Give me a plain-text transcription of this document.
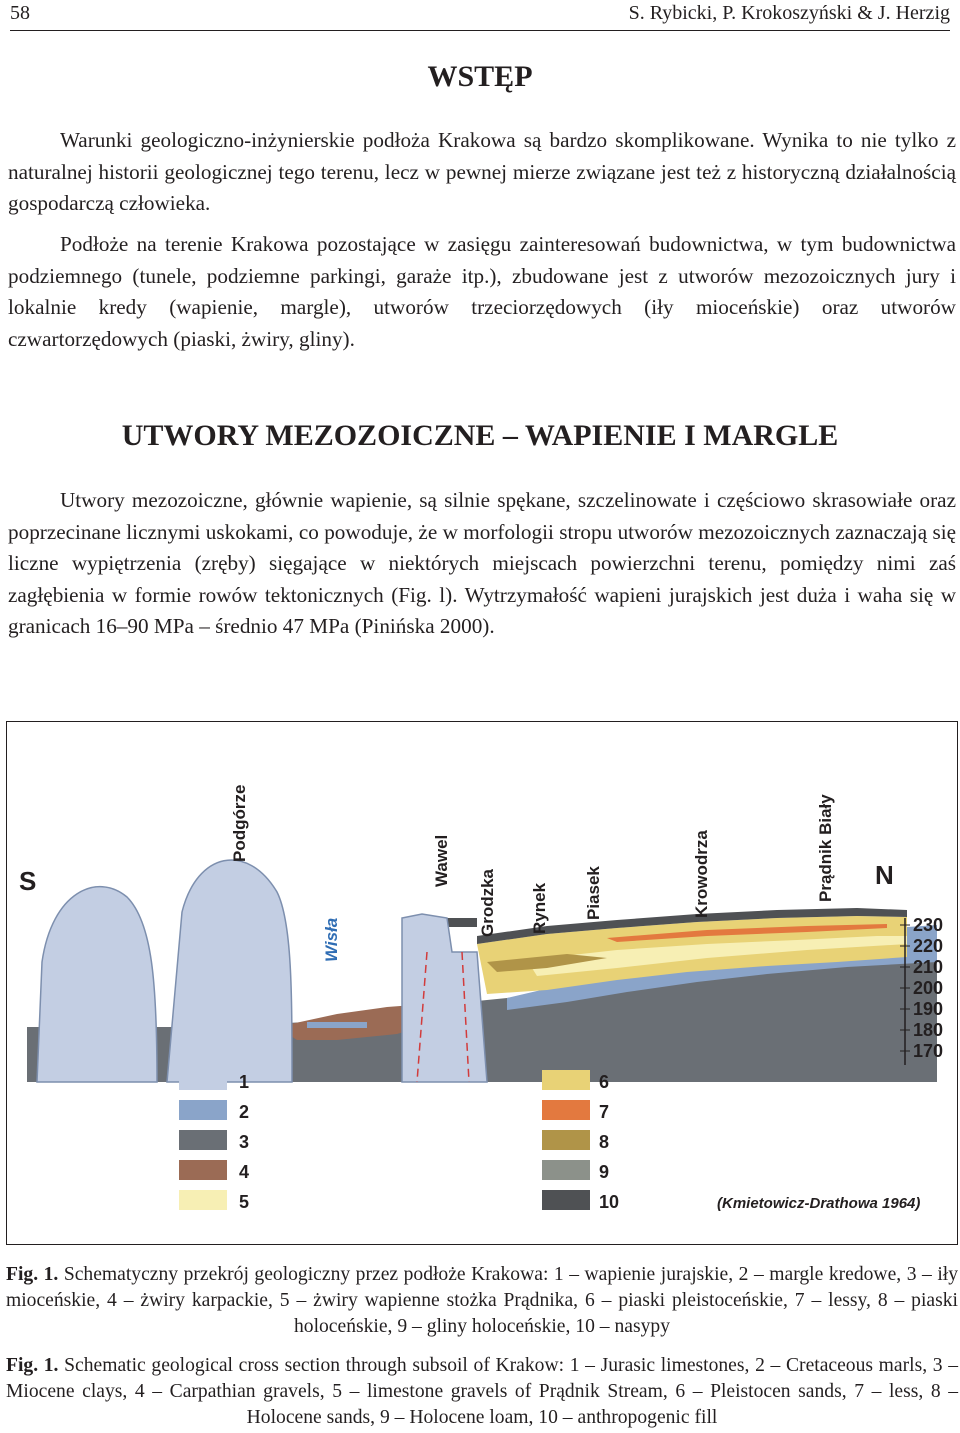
58	S. Rybicki, P. Krokoszyński & J. Herzig
WSTĘP

Warunki geologiczno-inżynierskie podłoża Krakowa są bardzo skomplikowane. Wynika to nie tylko z naturalnej historii geologicznej tego terenu, lecz w pewnej mierze związane jest też z historyczną działalnością gospodarczą człowieka.

Podłoże na terenie Krakowa pozostające w zasięgu zainteresowań budownictwa, w tym budownictwa podziemnego (tunele, podziemne parkingi, garaże itp.), zbudowane jest z utworów mezozoicznych jury i lokalnie kredy (wapienie, margle), utworów trzeciorzędowych (iły mioceńskie) oraz utworów czwartorzędowych (piaski, żwiry, gliny).

UTWORY MEZOZOICZNE – WAPIENIE I MARGLE

Utwory mezozoiczne, głównie wapienie, są silnie spękane, szczelinowate i częściowo skrasowiałe oraz poprzecinane licznymi uskokami, co powoduje, że w morfologii stropu utworów mezozoicznych zaznaczają się liczne wypiętrzenia (zręby) sięgające w niektórych miejscach powierzchni terenu, pomiędzy nimi zaś zagłębienia w formie rowów tektonicznych (Fig. l). Wytrzymałość wapieni jurajskich jest duża i waha się w granicach 16–90 MPa – średnio 47 MPa (Pinińska 2000).

S	N
Podgórze
Wisła
Wawel
Grodzka Rynek Piasek	Krowodrza	Prądnik Biały
230
220
210
200
190
180
170
1
2
3
4
5
6
7
8
9
10	(Kmietowicz-Drathowa 1964)

Fig. 1. Schematyczny przekrój geologiczny przez podłoże Krakowa: 1 – wapienie jurajskie, 2 – margle kredowe, 3 – iły mioceńskie, 4 – żwiry karpackie, 5 – żwiry wapienne stożka Prądnika, 6 – piaski pleistoceńskie, 7 – lessy, 8 – piaski holoceńskie, 9 – gliny holoceńskie, 10 – nasypy

Fig. 1. Schematic geological cross section through subsoil of Krakow: 1 – Jurasic limestones, 2 – Cretaceous marls, 3 – Miocene clays, 4 – Carpathian gravels, 5 – limestone gravels of Prądnik Stream, 6 – Pleistocen sands, 7 – less, 8 – Holocene sands, 9 – Holocene loam, 10 – anthropogenic fill
